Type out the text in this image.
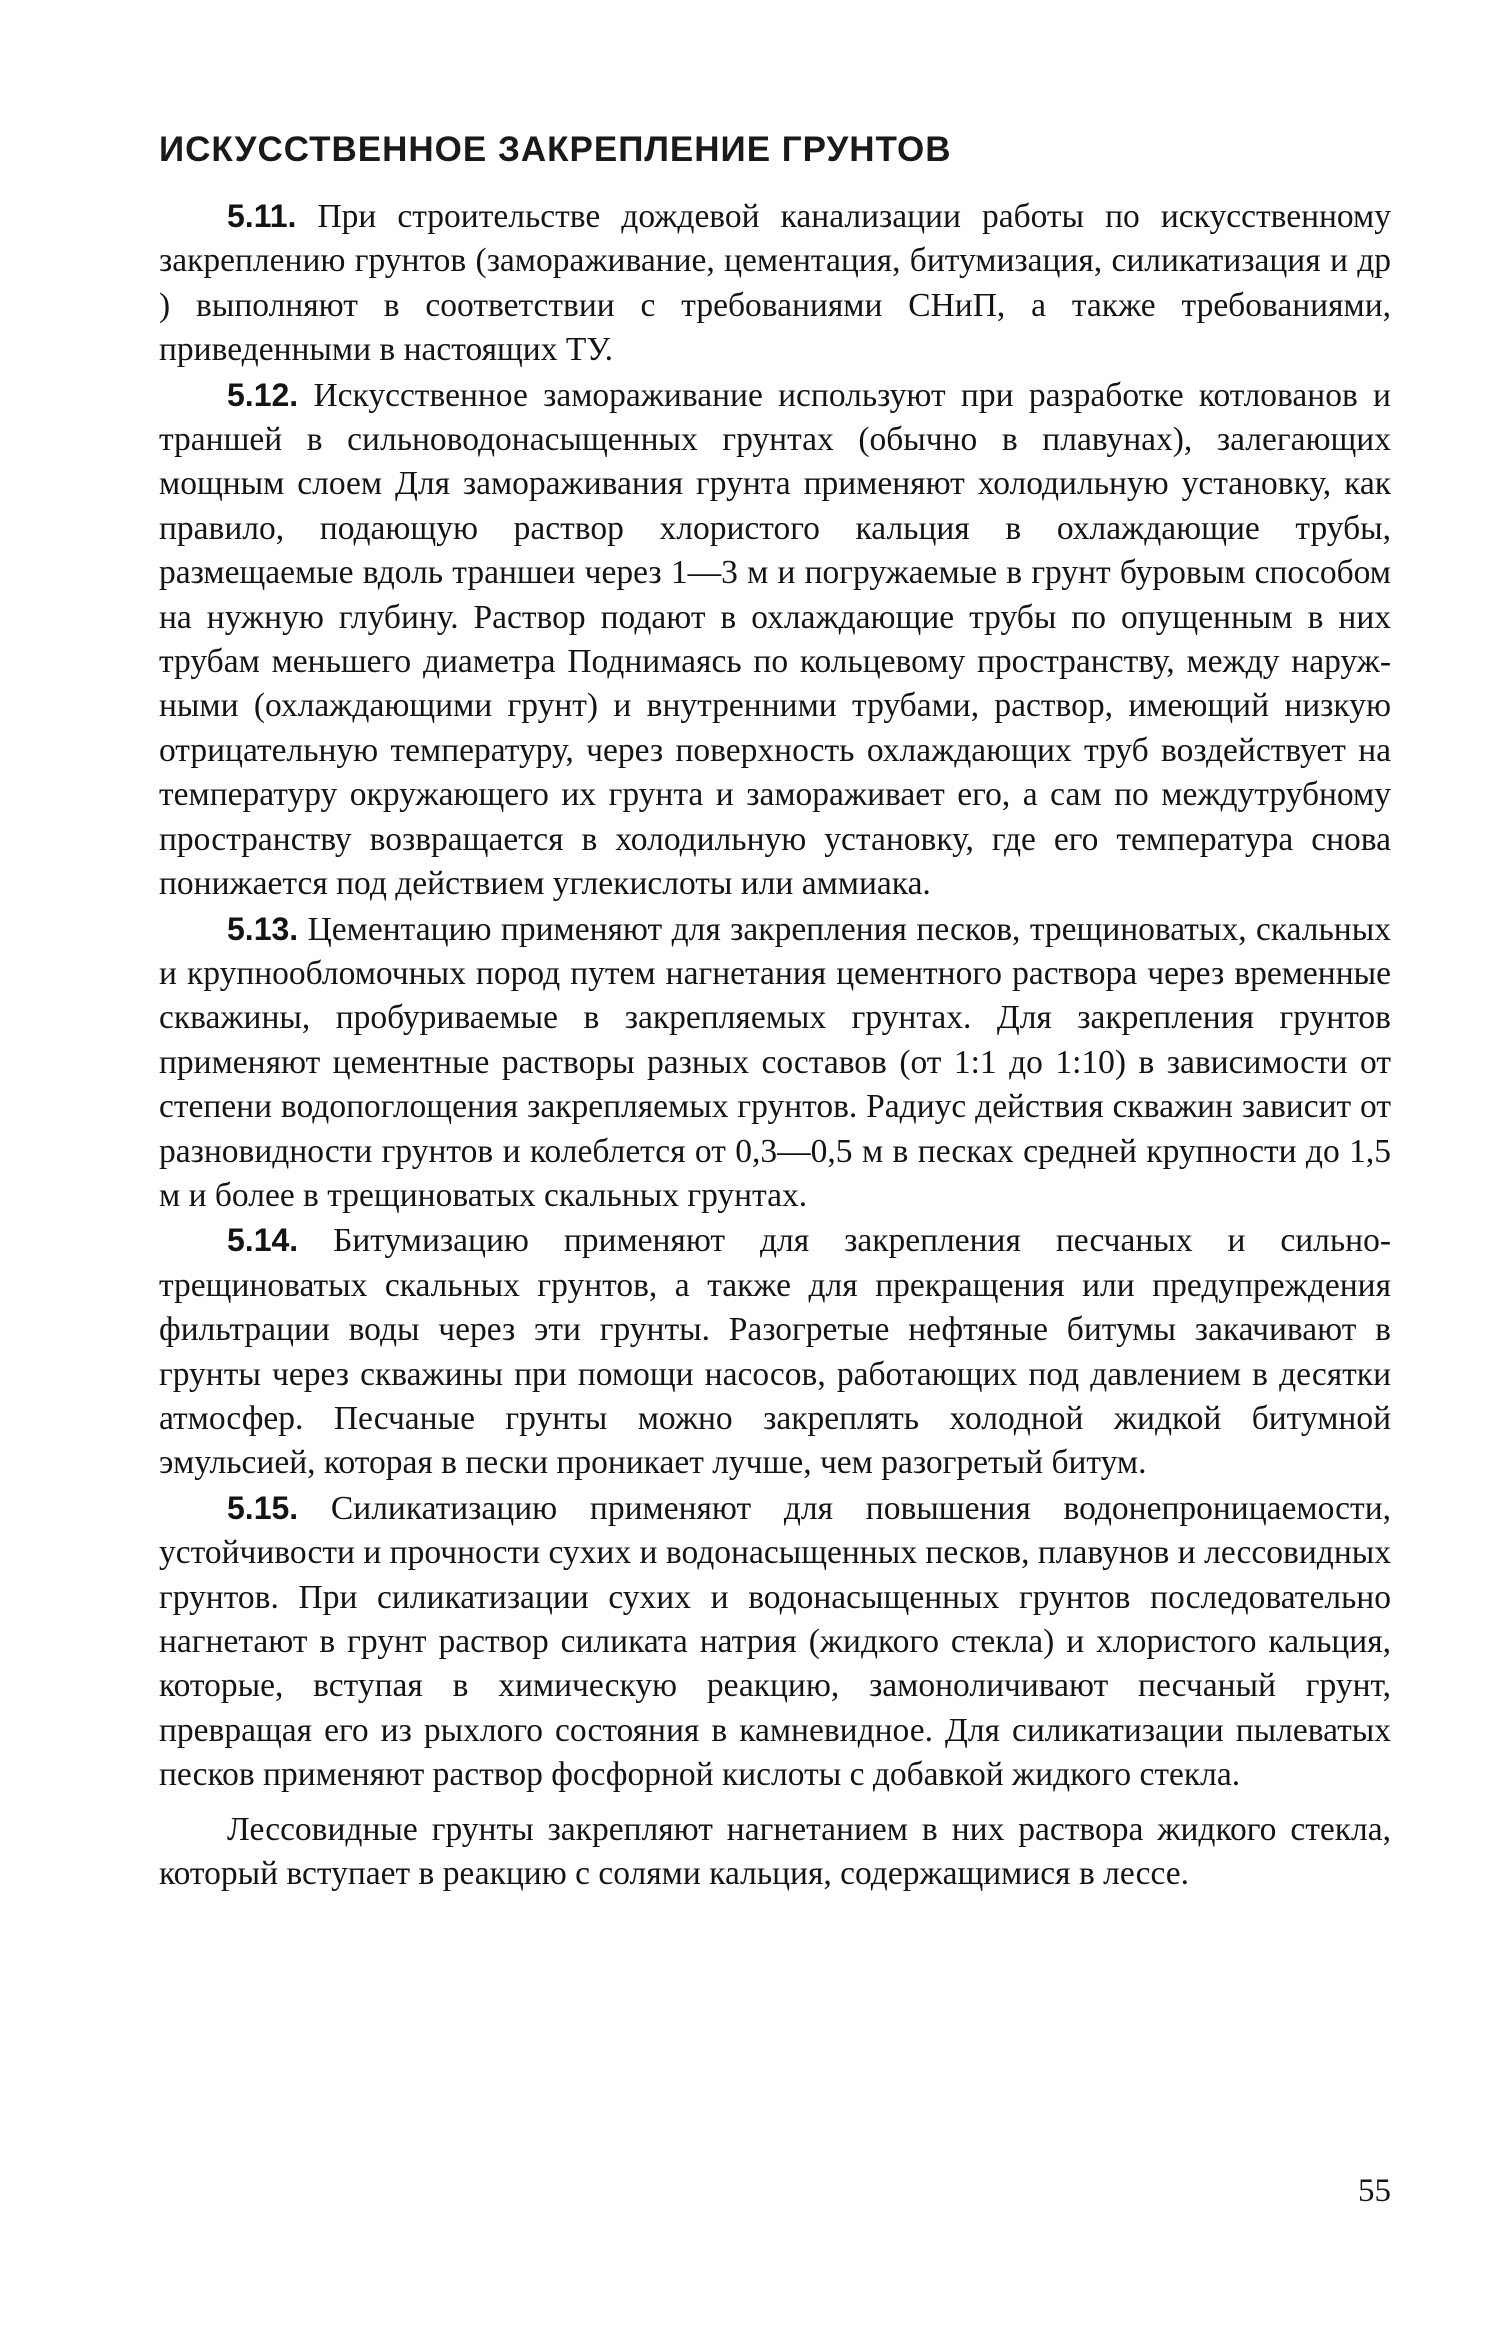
ИСКУССТВЕННОЕ ЗАКРЕПЛЕНИЕ ГРУНТОВ

5.11. При строительстве дождевой канализации работы по искусственному закреплению грунтов (замораживание, цементация, битумизация, силикатизация и др ) выполняют в соответствии с требованиями СНиП, а также требованиями, приведенными в настоящих ТУ.

5.12. Искусственное замораживание используют при разработке котлованов и траншей в сильноводонасыщенных грунтах (обычно в плавунах), залегающих мощным слоем Для замораживания грунта применяют холодильную установку, как правило, подающую раствор хлористого кальция в охлаждающие трубы, размещаемые вдоль траншеи через 1—3 м и погружаемые в грунт буровым способом на нужную глубину. Раствор подают в охлаждающие трубы по опущенным в них трубам меньшего диаметра Поднимаясь по кольцевому пространству, между наружными (охлаждающими грунт) и внутренними трубами, раствор, имеющий низкую отрицательную температуру, через поверхность охлаждающих труб воздействует на температуру окружающего их грунта и замораживает его, а сам по междутрубному пространству возвращается в холодильную установку, где его температура снова понижается под действием углекислоты или аммиака.

5.13. Цементацию применяют для закрепления песков, трещиноватых, скальных и крупнообломочных пород путем нагнетания цементного раствора через временные скважины, пробуриваемые в закрепляемых грунтах. Для закрепления грунтов применяют цементные растворы разных составов (от 1:1 до 1:10) в зависимости от степени водопоглощения закрепляемых грунтов. Радиус действия скважин зависит от разновидности грунтов и колеблется от 0,3—0,5 м в песках средней крупности до 1,5 м и более в трещиноватых скальных грунтах.

5.14. Битумизацию применяют для закрепления песчаных и сильнотрещиноватых скальных грунтов, а также для прекращения или предупреждения фильтрации воды через эти грунты. Разогретые нефтяные битумы закачивают в грунты через скважины при помощи насосов, работающих под давлением в десятки атмосфер. Песчаные грунты можно закреплять холодной жидкой битумной эмульсией, которая в пески проникает лучше, чем разогретый битум.

5.15. Силикатизацию применяют для повышения водонепроницаемости, устойчивости и прочности сухих и водонасыщенных песков, плавунов и лессовидных грунтов. При силикатизации сухих и водонасыщенных грунтов последовательно нагнетают в грунт раствор силиката натрия (жидкого стекла) и хлористого кальция, которые, вступая в химическую реакцию, замоноличивают песчаный грунт, превращая его из рыхлого состояния в камневидное. Для силикатизации пылеватых песков применяют раствор фосфорной кислоты с добавкой жидкого стекла.

Лессовидные грунты закрепляют нагнетанием в них раствора жидкого стекла, который вступает в реакцию с солями кальция, содержащимися в лессе.

55
